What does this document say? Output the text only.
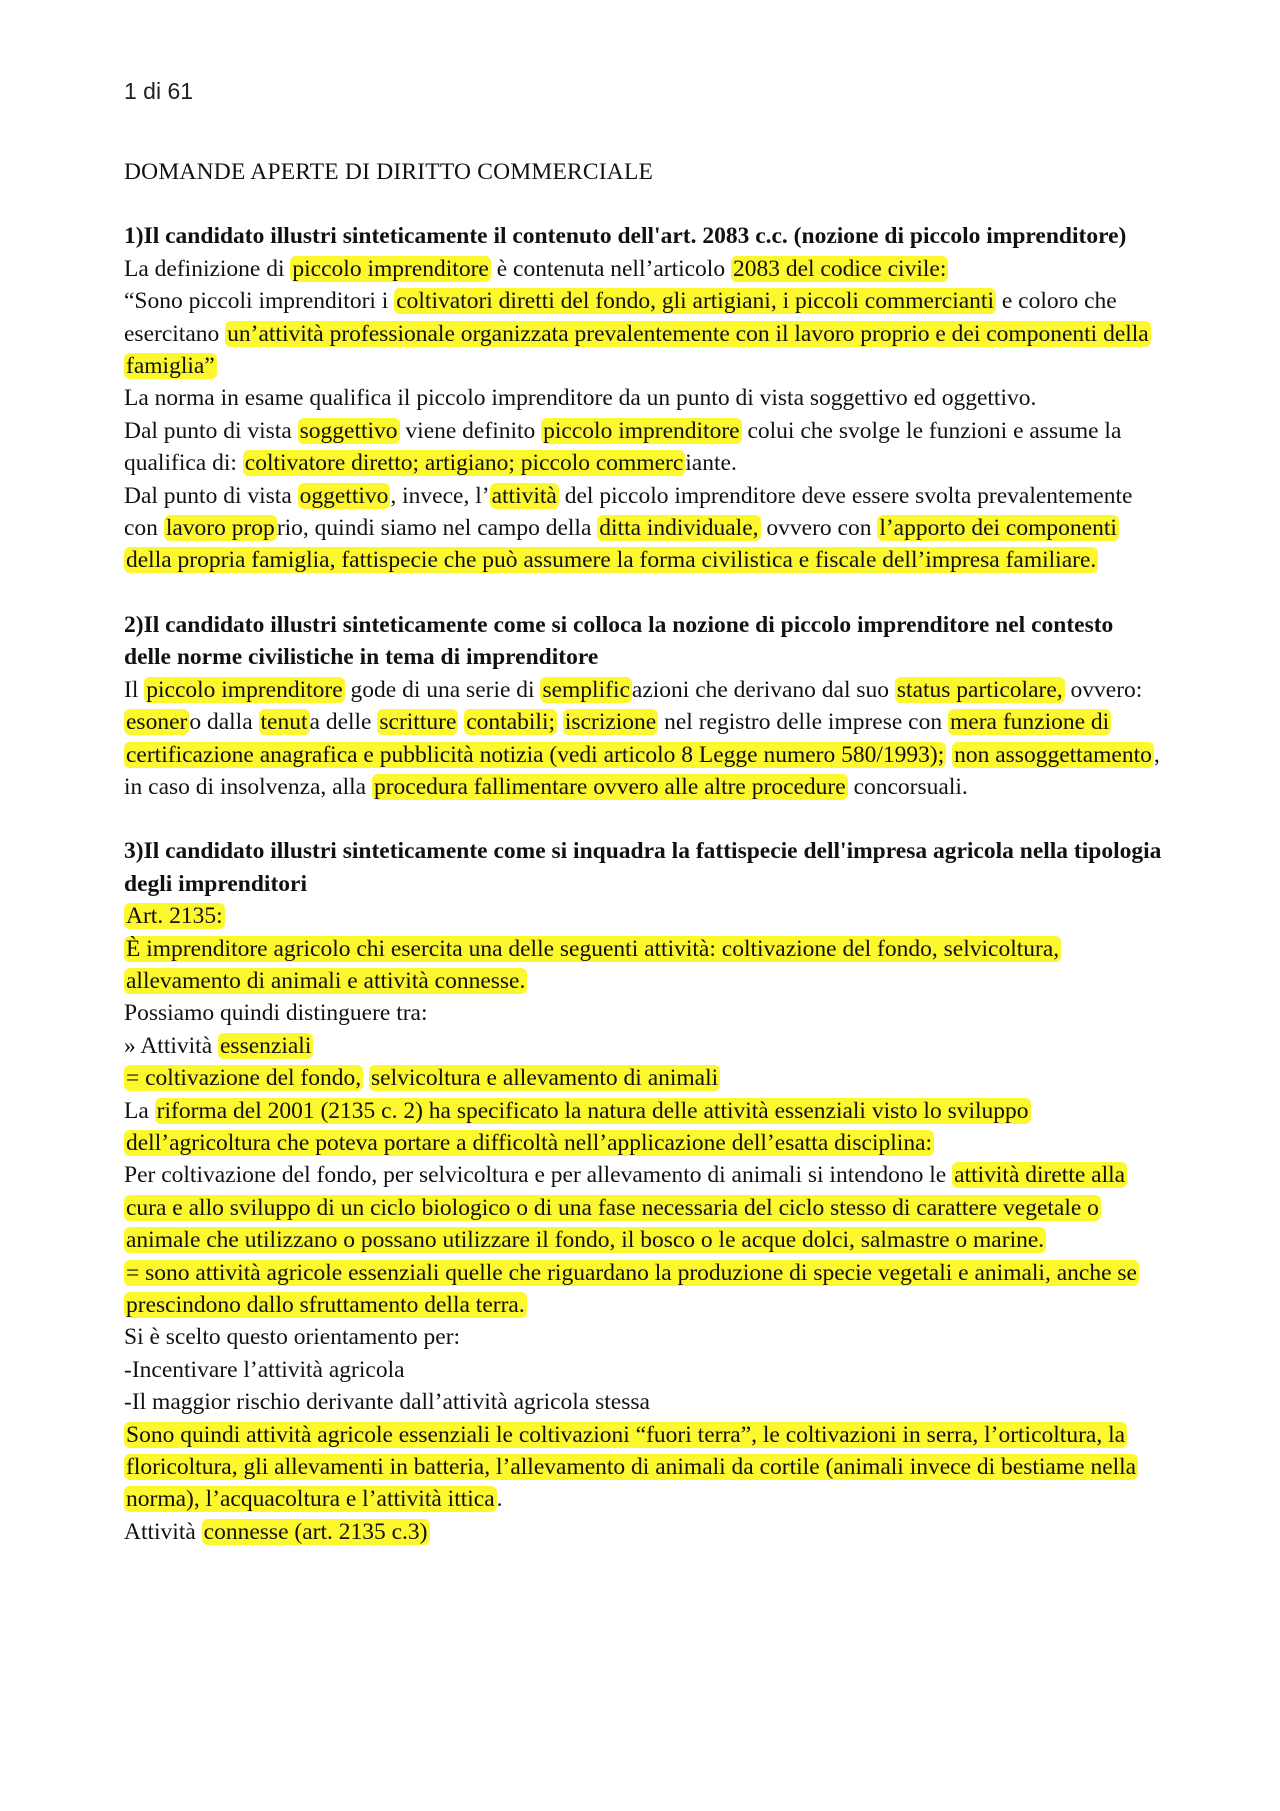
1 di 61
DOMANDE APERTE DI DIRITTO COMMERCIALE

1)Il candidato illustri sinteticamente il contenuto dell'art. 2083 c.c. (nozione di piccolo imprenditore)

La definizione di piccolo imprenditore è contenuta nell’articolo 2083 del codice civile:

“Sono piccoli imprenditori i coltivatori diretti del fondo, gli artigiani, i piccoli commercianti e coloro che esercitano un’attività professionale organizzata prevalentemente con il lavoro proprio e dei componenti della famiglia”

La norma in esame qualifica il piccolo imprenditore da un punto di vista soggettivo ed oggettivo.

Dal punto di vista soggettivo viene definito piccolo imprenditore colui che svolge le funzioni e assume la qualifica di: coltivatore diretto; artigiano; piccolo commerciante.

Dal punto di vista oggettivo, invece, l’attività del piccolo imprenditore deve essere svolta prevalentemente con lavoro proprio, quindi siamo nel campo della ditta individuale, ovvero con l’apporto dei componenti della propria famiglia, fattispecie che può assumere la forma civilistica e fiscale dell’impresa familiare.

2)Il candidato illustri sinteticamente come si colloca la nozione di piccolo imprenditore nel contesto delle norme civilistiche in tema di imprenditore

Il piccolo imprenditore gode di una serie di semplificazioni che derivano dal suo status particolare, ovvero: esonero dalla tenuta delle scritture contabili; iscrizione nel registro delle imprese con mera funzione di certificazione anagrafica e pubblicità notizia (vedi articolo 8 Legge numero 580/1993); non assoggettamento, in caso di insolvenza, alla procedura fallimentare ovvero alle altre procedure concorsuali.

3)Il candidato illustri sinteticamente come si inquadra la fattispecie dell'impresa agricola nella tipologia degli imprenditori

Art. 2135:

È imprenditore agricolo chi esercita una delle seguenti attività: coltivazione del fondo, selvicoltura, allevamento di animali e attività connesse.

Possiamo quindi distinguere tra:

» Attività essenziali

= coltivazione del fondo, selvicoltura e allevamento di animali

La riforma del 2001 (2135 c. 2) ha specificato la natura delle attività essenziali visto lo sviluppo dell’agricoltura che poteva portare a difficoltà nell’applicazione dell’esatta disciplina:

Per coltivazione del fondo, per selvicoltura e per allevamento di animali si intendono le attività dirette alla cura e allo sviluppo di un ciclo biologico o di una fase necessaria del ciclo stesso di carattere vegetale o animale che utilizzano o possano utilizzare il fondo, il bosco o le acque dolci, salmastre o marine.

= sono attività agricole essenziali quelle che riguardano la produzione di specie vegetali e animali, anche se prescindono dallo sfruttamento della terra.

Si è scelto questo orientamento per:

-Incentivare l’attività agricola

-Il maggior rischio derivante dall’attività agricola stessa

Sono quindi attività agricole essenziali le coltivazioni “fuori terra”, le coltivazioni in serra, l’orticoltura, la floricoltura, gli allevamenti in batteria, l’allevamento di animali da cortile (animali invece di bestiame nella norma), l’acquacoltura e l’attività ittica.

Attività connesse (art. 2135 c.3)
